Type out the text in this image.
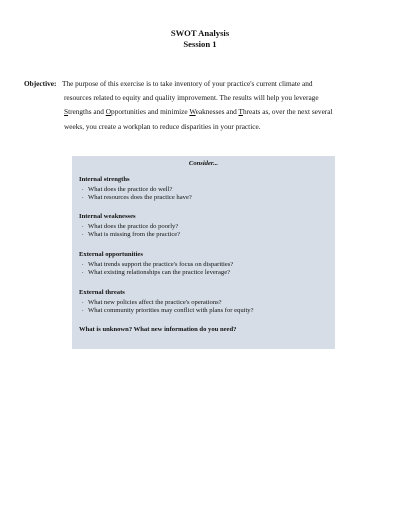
SWOT Analysis
Session 1
Objective: The purpose of this exercise is to take inventory of your practice's current climate and
resources related to equity and quality improvement. The results will help you leverage
Strengths and Opportunities and minimize Weaknesses and Threats as, over the next several
weeks, you create a workplan to reduce disparities in your practice.
Consider...
Internal strengths
. What does the practice do well?
. What resources does the practice have?
Internal weaknesses
. What does the practice do poorly?
. What is missing from the practice?
External opportunities
. What trends support the practice's focus on disparities?
. What existing relationships can the practice leverage?
External threats
. What new policies affect the practice's operations?
. What community priorities may conflict with plans for equity?
What is unknown? What new information do you need?
